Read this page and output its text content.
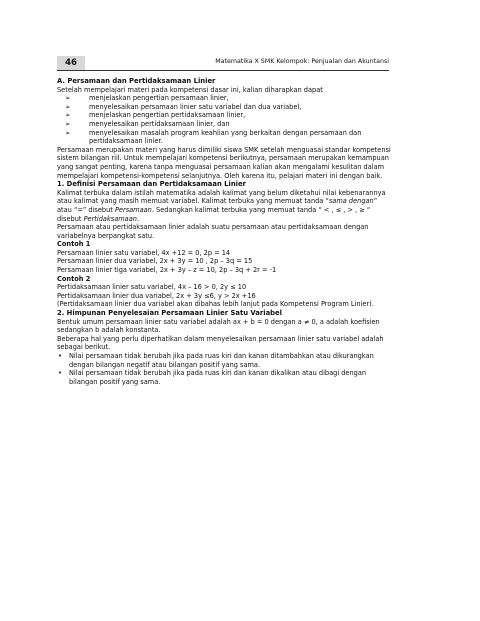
46	Matematika X SMK Kelompok: Penjualan dan Akuntansi

A. Persamaan dan Pertidaksamaan Linier

Setelah mempelajari materi pada kompetensi dasar ini, kalian diharapkan dapat

➢	menjelaskan pengertian persamaan linier,
➢	menyelesaikan persamaan linier satu variabel dan dua variabel,
➢	menjelaskan pengertian pertidaksamaan linier,
➢	menyelesaikan pertidaksamaan linier, dan
➢	menyelesaikan masalah program keahlian yang berkaitan dengan persamaan dan pertidaksamaan linier.

Persamaan merupakan materi yang harus dimiliki siswa SMK setelah menguasai standar kompetensi sistem bilangan riil. Untuk mempelajari kompetensi berikutnya, persamaan merupakan kemampuan yang sangat penting, karena tanpa menguasai persamaan kalian akan mengalami kesulitan dalam mempelajari kompetensi-kompetensi selanjutnya. Oleh karena itu, pelajari materi ini dengan baik.

1. Definisi Persamaan dan Pertidaksamaan Linier

Kalimat terbuka dalam istilah matematika adalah kalimat yang belum diketahui nilai kebenarannya atau kalimat yang masih memuat variabel. Kalimat terbuka yang memuat tanda “sama dengan” atau “=” disebut Persamaan. Sedangkan kalimat terbuka yang memuat tanda “ < , ≤ , > , ≥ “ disebut Pertidaksamaan.

Persamaan atau pertidaksamaan linier adalah suatu persamaan atau pertidaksamaan dengan variabelnya berpangkat satu.

Contoh 1

Persamaan linier satu variabel, 4x +12 = 0, 2p = 14

Persamaan linier dua variabel, 2x + 3y = 10 , 2p – 3q = 15

Persamaan linier tiga variabel, 2x + 3y – z = 10, 2p – 3q + 2r = -1

Contoh 2

Pertidaksamaan linier satu variabel, 4x – 16 > 0, 2y ≤ 10

Pertidaksamaan linier dua variabel, 2x + 3y ≤6, y > 2x +16

(Pertidaksamaan linier dua variabel akan dibahas lebih lanjut pada Kompetensi Program Linier).

2. Himpunan Penyelesaian Persamaan Linier Satu Variabel

Bentuk umum persamaan linier satu variabel adalah ax + b = 0 dengan a ≠ 0, a adalah koefisien sedangkan b adalah konstanta.

Beberapa hal yang perlu diperhatikan dalam menyelesaikan persamaan linier satu variabel adalah sebagai berikut.

• Nilai persamaan tidak berubah jika pada ruas kiri dan kanan ditambahkan atau dikurangkan dengan bilangan negatif atau bilangan positif yang sama.
• Nilai persamaan tidak berubah jika pada ruas kiri dan kanan dikalikan atau dibagi dengan bilangan positif yang sama.
